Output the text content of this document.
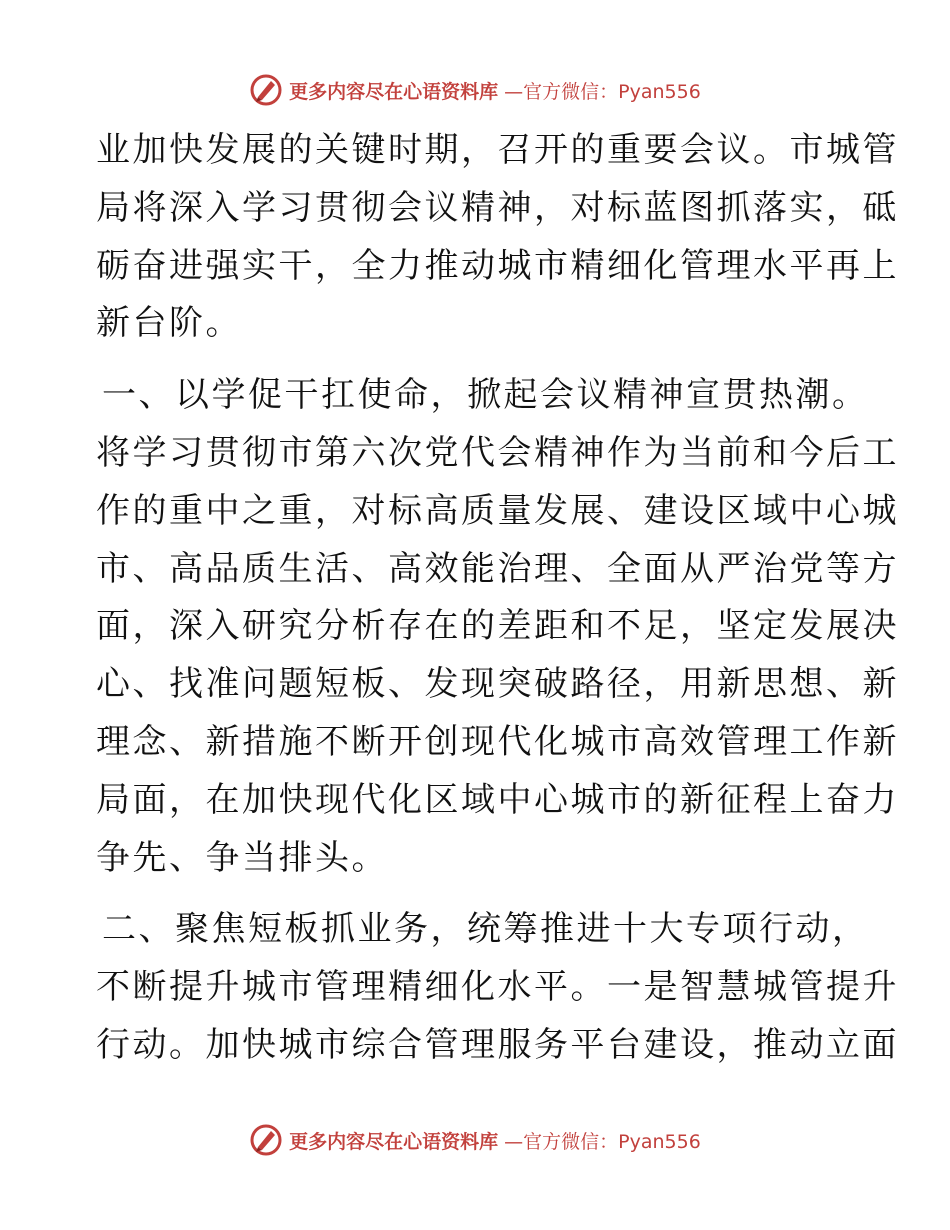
更多内容尽在心语资料库 —官方微信：Pyan556

业加快发展的关键时期，召开的重要会议。市城管
局将深入学习贯彻会议精神，对标蓝图抓落实，砥
砺奋进强实干，全力推动城市精细化管理水平再上
新台阶。

一、以学促干扛使命，掀起会议精神宣贯热潮。
将学习贯彻市第六次党代会精神作为当前和今后工
作的重中之重，对标高质量发展、建设区域中心城
市、高品质生活、高效能治理、全面从严治党等方
面，深入研究分析存在的差距和不足，坚定发展决
心、找准问题短板、发现突破路径，用新思想、新
理念、新措施不断开创现代化城市高效管理工作新
局面，在加快现代化区域中心城市的新征程上奋力
争先、争当排头。

二、聚焦短板抓业务，统筹推进十大专项行动，
不断提升城市管理精细化水平。一是智慧城管提升
行动。加快城市综合管理服务平台建设，推动立面

更多内容尽在心语资料库 —官方微信：Pyan556
